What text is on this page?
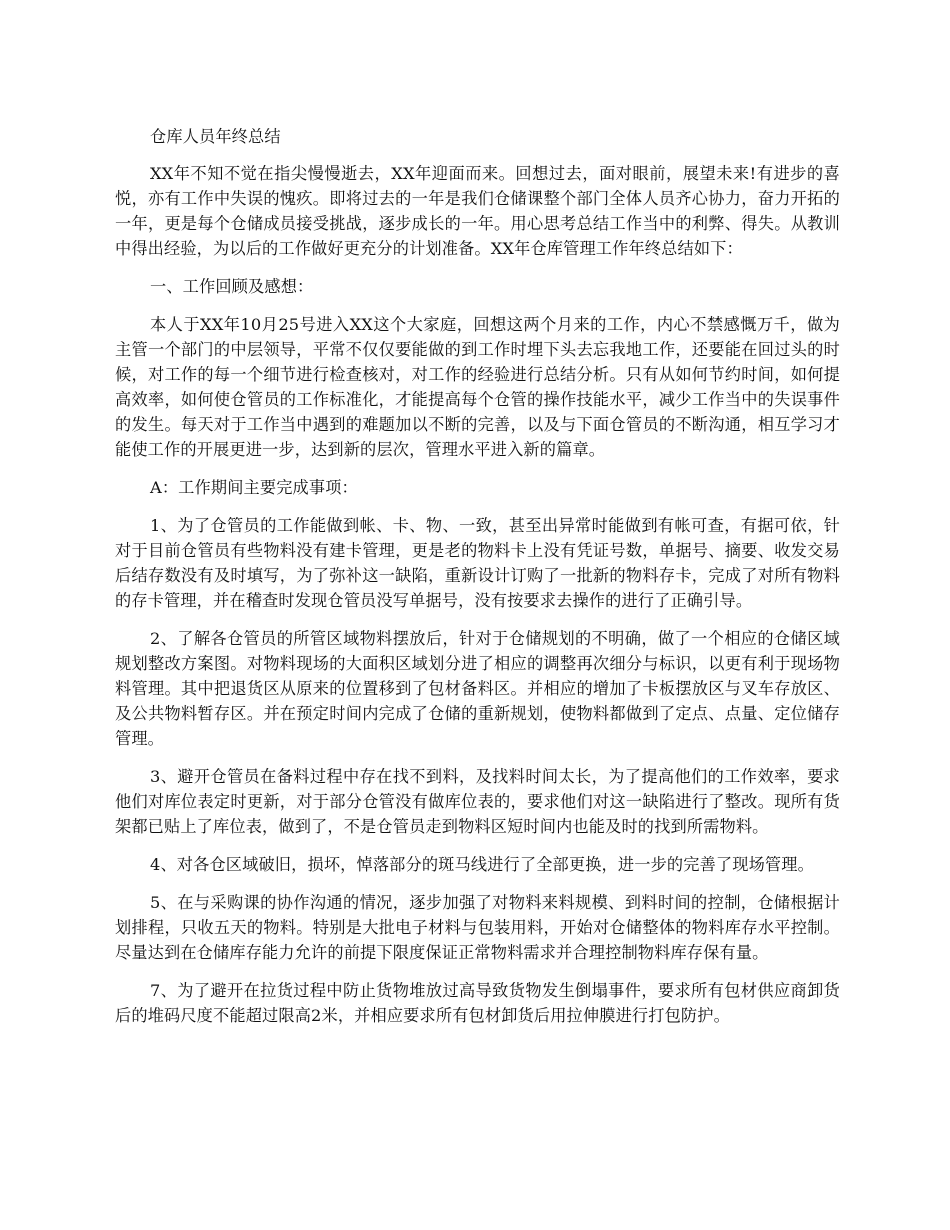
仓库人员年终总结

XX年不知不觉在指尖慢慢逝去，XX年迎面而来。回想过去，面对眼前，展望未来!有进步的喜悦，亦有工作中失误的愧疚。即将过去的一年是我们仓储课整个部门全体人员齐心协力，奋力开拓的一年，更是每个仓储成员接受挑战，逐步成长的一年。用心思考总结工作当中的利弊、得失。从教训中得出经验，为以后的工作做好更充分的计划准备。XX年仓库管理工作年终总结如下：

一、工作回顾及感想：

本人于XX年10月25号进入XX这个大家庭，回想这两个月来的工作，内心不禁感慨万千，做为主管一个部门的中层领导，平常不仅仅要能做的到工作时埋下头去忘我地工作，还要能在回过头的时候，对工作的每一个细节进行检查核对，对工作的经验进行总结分析。只有从如何节约时间，如何提高效率，如何使仓管员的工作标准化，才能提高每个仓管的操作技能水平，减少工作当中的失误事件的发生。每天对于工作当中遇到的难题加以不断的完善，以及与下面仓管员的不断沟通，相互学习才能使工作的开展更进一步，达到新的层次，管理水平进入新的篇章。

A：工作期间主要完成事项：

1、为了仓管员的工作能做到帐、卡、物、一致，甚至出异常时能做到有帐可查，有据可依，针对于目前仓管员有些物料没有建卡管理，更是老的物料卡上没有凭证号数，单据号、摘要、收发交易后结存数没有及时填写，为了弥补这一缺陷，重新设计订购了一批新的物料存卡，完成了对所有物料的存卡管理，并在稽查时发现仓管员没写单据号，没有按要求去操作的进行了正确引导。

2、了解各仓管员的所管区域物料摆放后，针对于仓储规划的不明确，做了一个相应的仓储区域规划整改方案图。对物料现场的大面积区域划分进了相应的调整再次细分与标识，以更有利于现场物料管理。其中把退货区从原来的位置移到了包材备料区。并相应的增加了卡板摆放区与叉车存放区、及公共物料暂存区。并在预定时间内完成了仓储的重新规划，使物料都做到了定点、点量、定位储存管理。

3、避开仓管员在备料过程中存在找不到料，及找料时间太长，为了提高他们的工作效率，要求他们对库位表定时更新，对于部分仓管没有做库位表的，要求他们对这一缺陷进行了整改。现所有货架都已贴上了库位表，做到了，不是仓管员走到物料区短时间内也能及时的找到所需物料。

4、对各仓区域破旧，损坏，悼落部分的斑马线进行了全部更换，进一步的完善了现场管理。

5、在与采购课的协作沟通的情况，逐步加强了对物料来料规模、到料时间的控制，仓储根据计划排程，只收五天的物料。特别是大批电子材料与包装用料，开始对仓储整体的物料库存水平控制。尽量达到在仓储库存能力允许的前提下限度保证正常物料需求并合理控制物料库存保有量。

7、为了避开在拉货过程中防止货物堆放过高导致货物发生倒塌事件，要求所有包材供应商卸货后的堆码尺度不能超过限高2米，并相应要求所有包材卸货后用拉伸膜进行打包防护。
